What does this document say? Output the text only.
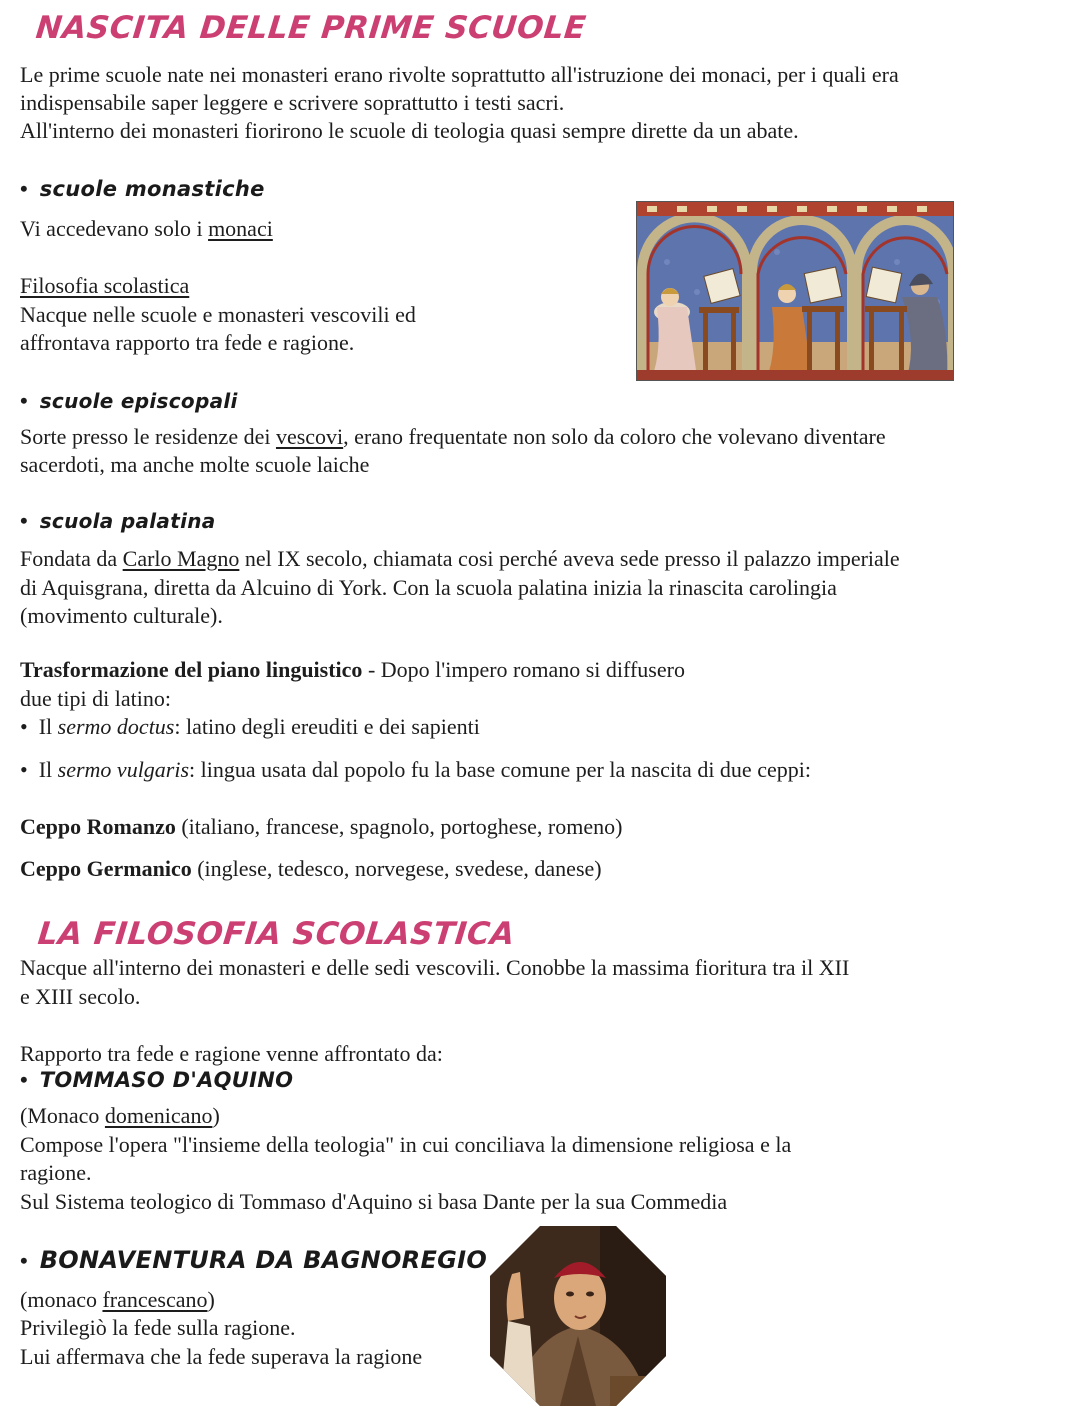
NASCITA DELLE PRIME SCUOLE

Le prime scuole nate nei monasteri erano rivolte soprattutto all'istruzione dei monaci, per i quali era

indispensabile saper leggere e scrivere soprattutto i testi sacri.

All'interno dei monasteri fiorirono le scuole di teologia quasi sempre dirette da un abate.

• scuole monastiche

Vi accedevano solo i monaci

Filosofia scolastica

Nacque nelle scuole e monasteri vescovili ed

affrontava rapporto tra fede e ragione.

• scuole episcopali

Sorte presso le residenze dei vescovi, erano frequentate non solo da coloro che volevano diventare

sacerdoti, ma anche molte scuole laiche

• scuola palatina

Fondata da Carlo Magno nel IX secolo, chiamata cosi perché aveva sede presso il palazzo imperiale

di Aquisgrana, diretta da Alcuino di York. Con la scuola palatina inizia la rinascita carolingia

(movimento culturale).

Trasformazione del piano linguistico - Dopo l'impero romano si diffusero

due tipi di latino:

• Il sermo doctus: latino degli ereuditi e dei sapienti

• Il sermo vulgaris: lingua usata dal popolo fu la base comune per la nascita di due ceppi:

Ceppo Romanzo (italiano, francese, spagnolo, portoghese, romeno)

Ceppo Germanico (inglese, tedesco, norvegese, svedese, danese)

LA FILOSOFIA SCOLASTICA

Nacque all'interno dei monasteri e delle sedi vescovili. Conobbe la massima fioritura tra il XII

e XIII secolo.

Rapporto tra fede e ragione venne affrontato da:

• TOMMASO D'AQUINO

(Monaco domenicano)

Compose l'opera "l'insieme della teologia" in cui conciliava la dimensione religiosa e la

ragione.

Sul Sistema teologico di Tommaso d'Aquino si basa Dante per la sua Commedia

• BONAVENTURA DA BAGNOREGIO

(monaco francescano)

Privilegiò la fede sulla ragione.

Lui affermava che la fede superava la ragione
